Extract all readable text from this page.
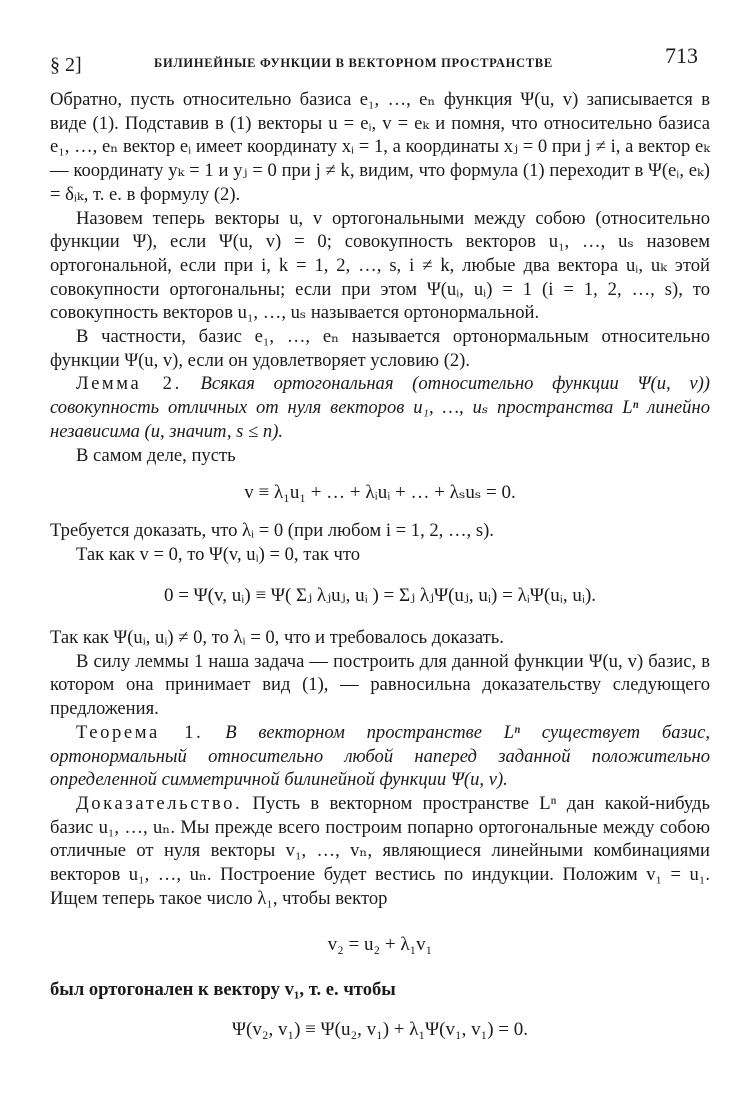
§ 2]	БИЛИНЕЙНЫЕ ФУНКЦИИ В ВЕКТОРНОМ ПРОСТРАНСТВЕ	713

Обратно, пусть относительно базиса e₁, …, eₙ функция Ψ(u, v) записывается в виде (1). Подставив в (1) векторы u = eᵢ, v = eₖ и помня, что относительно базиса e₁, …, eₙ вектор eᵢ имеет координату xᵢ = 1, а координаты xⱼ = 0 при j ≠ i, а вектор eₖ — координату yₖ = 1 и yⱼ = 0 при j ≠ k, видим, что формула (1) переходит в Ψ(eᵢ, eₖ) = δᵢₖ, т. е. в формулу (2).

Назовем теперь векторы u, v ортогональными между собою (относительно функции Ψ), если Ψ(u, v) = 0; совокупность векторов u₁, …, uₛ назовем ортогональной, если при i, k = 1, 2, …, s, i ≠ k, любые два вектора uᵢ, uₖ этой совокупности ортогональны; если при этом Ψ(uᵢ, uᵢ) = 1 (i = 1, 2, …, s), то совокупность векторов u₁, …, uₛ называется ортонормальной.

В частности, базис e₁, …, eₙ называется ортонормальным относительно функции Ψ(u, v), если он удовлетворяет условию (2).

Лемма 2. Всякая ортогональная (относительно функции Ψ(u, v)) совокупность отличных от нуля векторов u₁, …, uₛ пространства Lⁿ линейно независима (и, значит, s ≤ n).

В самом деле, пусть

v ≡ λ₁u₁ + … + λᵢuᵢ + … + λₛuₛ = 0.

Требуется доказать, что λᵢ = 0 (при любом i = 1, 2, …, s).

Так как v = 0, то Ψ(v, uᵢ) = 0, так что

0 = Ψ(v, uᵢ) ≡ Ψ( Σⱼ λⱼuⱼ, uᵢ ) = Σⱼ λⱼΨ(uⱼ, uᵢ) = λᵢΨ(uᵢ, uᵢ).

Так как Ψ(uᵢ, uᵢ) ≠ 0, то λᵢ = 0, что и требовалось доказать.

В силу леммы 1 наша задача — построить для данной функции Ψ(u, v) базис, в котором она принимает вид (1), — равносильна доказательству следующего предложения.

Теорема 1. В векторном пространстве Lⁿ существует базис, ортонормальный относительно любой наперед заданной положительно определенной симметричной билинейной функции Ψ(u, v).

Доказательство. Пусть в векторном пространстве Lⁿ дан какой-нибудь базис u₁, …, uₙ. Мы прежде всего построим попарно ортогональные между собою отличные от нуля векторы v₁, …, vₙ, являющиеся линейными комбинациями векторов u₁, …, uₙ. Построение будет вестись по индукции. Положим v₁ = u₁. Ищем теперь такое число λ₁, чтобы вектор

v₂ = u₂ + λ₁v₁

был ортогонален к вектору v₁, т. е. чтобы

Ψ(v₂, v₁) ≡ Ψ(u₂, v₁) + λ₁Ψ(v₁, v₁) = 0.
